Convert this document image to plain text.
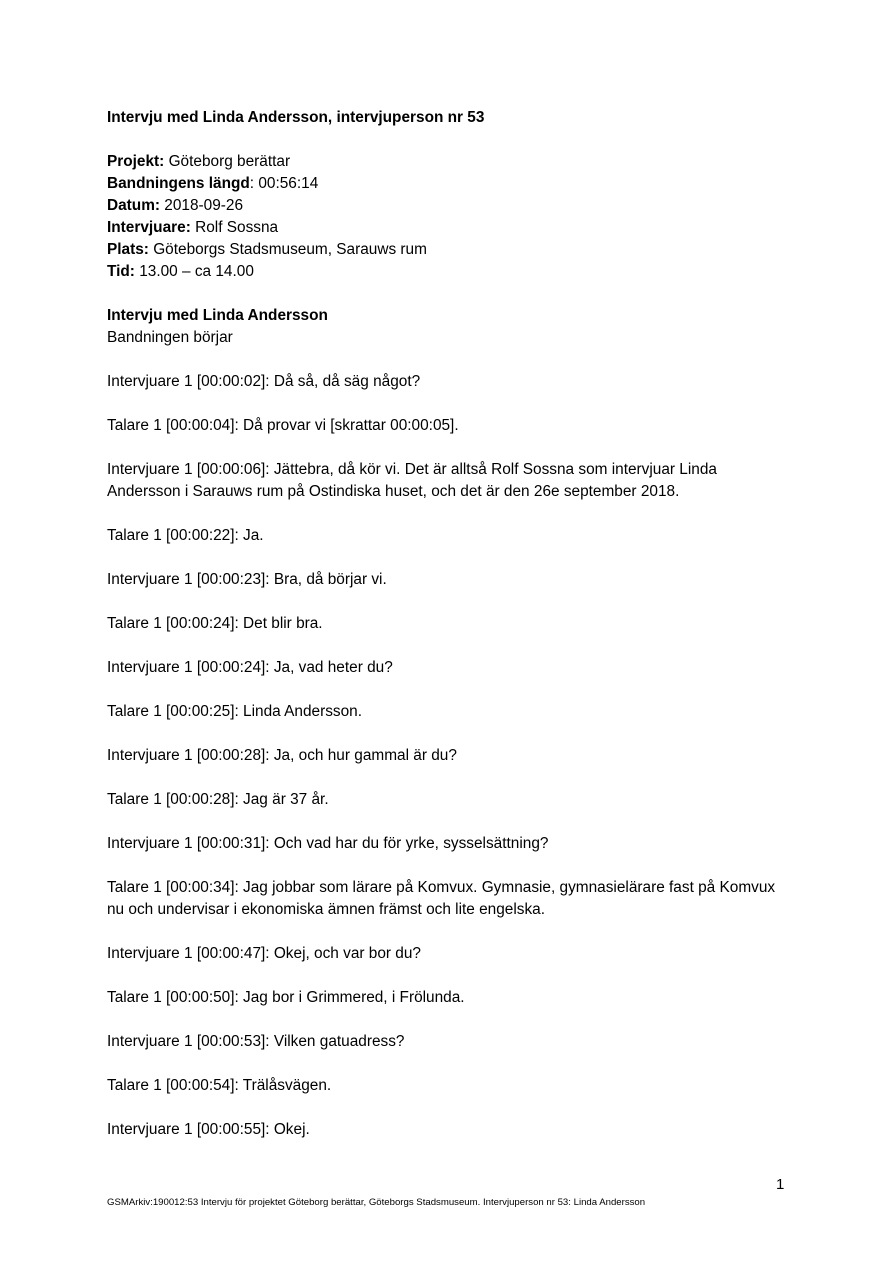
Intervju med Linda Andersson, intervjuperson nr 53
Projekt: Göteborg berättar
Bandningens längd: 00:56:14
Datum: 2018-09-26
Intervjuare: Rolf Sossna
Plats: Göteborgs Stadsmuseum, Sarauws rum
Tid: 13.00 – ca 14.00
Intervju med Linda Andersson
Bandningen börjar

Intervjuare 1 [00:00:02]: Då så, då säg något?

Talare 1 [00:00:04]: Då provar vi [skrattar 00:00:05].

Intervjuare 1 [00:00:06]: Jättebra, då kör vi. Det är alltså Rolf Sossna som intervjuar Linda Andersson i Sarauws rum på Ostindiska huset, och det är den 26e september 2018.

Talare 1 [00:00:22]: Ja.

Intervjuare 1 [00:00:23]: Bra, då börjar vi.

Talare 1 [00:00:24]: Det blir bra.

Intervjuare 1 [00:00:24]: Ja, vad heter du?

Talare 1 [00:00:25]: Linda Andersson.

Intervjuare 1 [00:00:28]: Ja, och hur gammal är du?

Talare 1 [00:00:28]: Jag är 37 år.

Intervjuare 1 [00:00:31]: Och vad har du för yrke, sysselsättning?

Talare 1 [00:00:34]: Jag jobbar som lärare på Komvux. Gymnasie, gymnasielärare fast på Komvux nu och undervisar i ekonomiska ämnen främst och lite engelska.

Intervjuare 1 [00:00:47]: Okej, och var bor du?

Talare 1 [00:00:50]: Jag bor i Grimmered, i Frölunda.

Intervjuare 1 [00:00:53]: Vilken gatuadress?

Talare 1 [00:00:54]: Trälåsvägen.

Intervjuare 1 [00:00:55]: Okej.

1
GSMArkiv:190012:53 Intervju för projektet Göteborg berättar, Göteborgs Stadsmuseum. Intervjuperson nr 53: Linda Andersson
